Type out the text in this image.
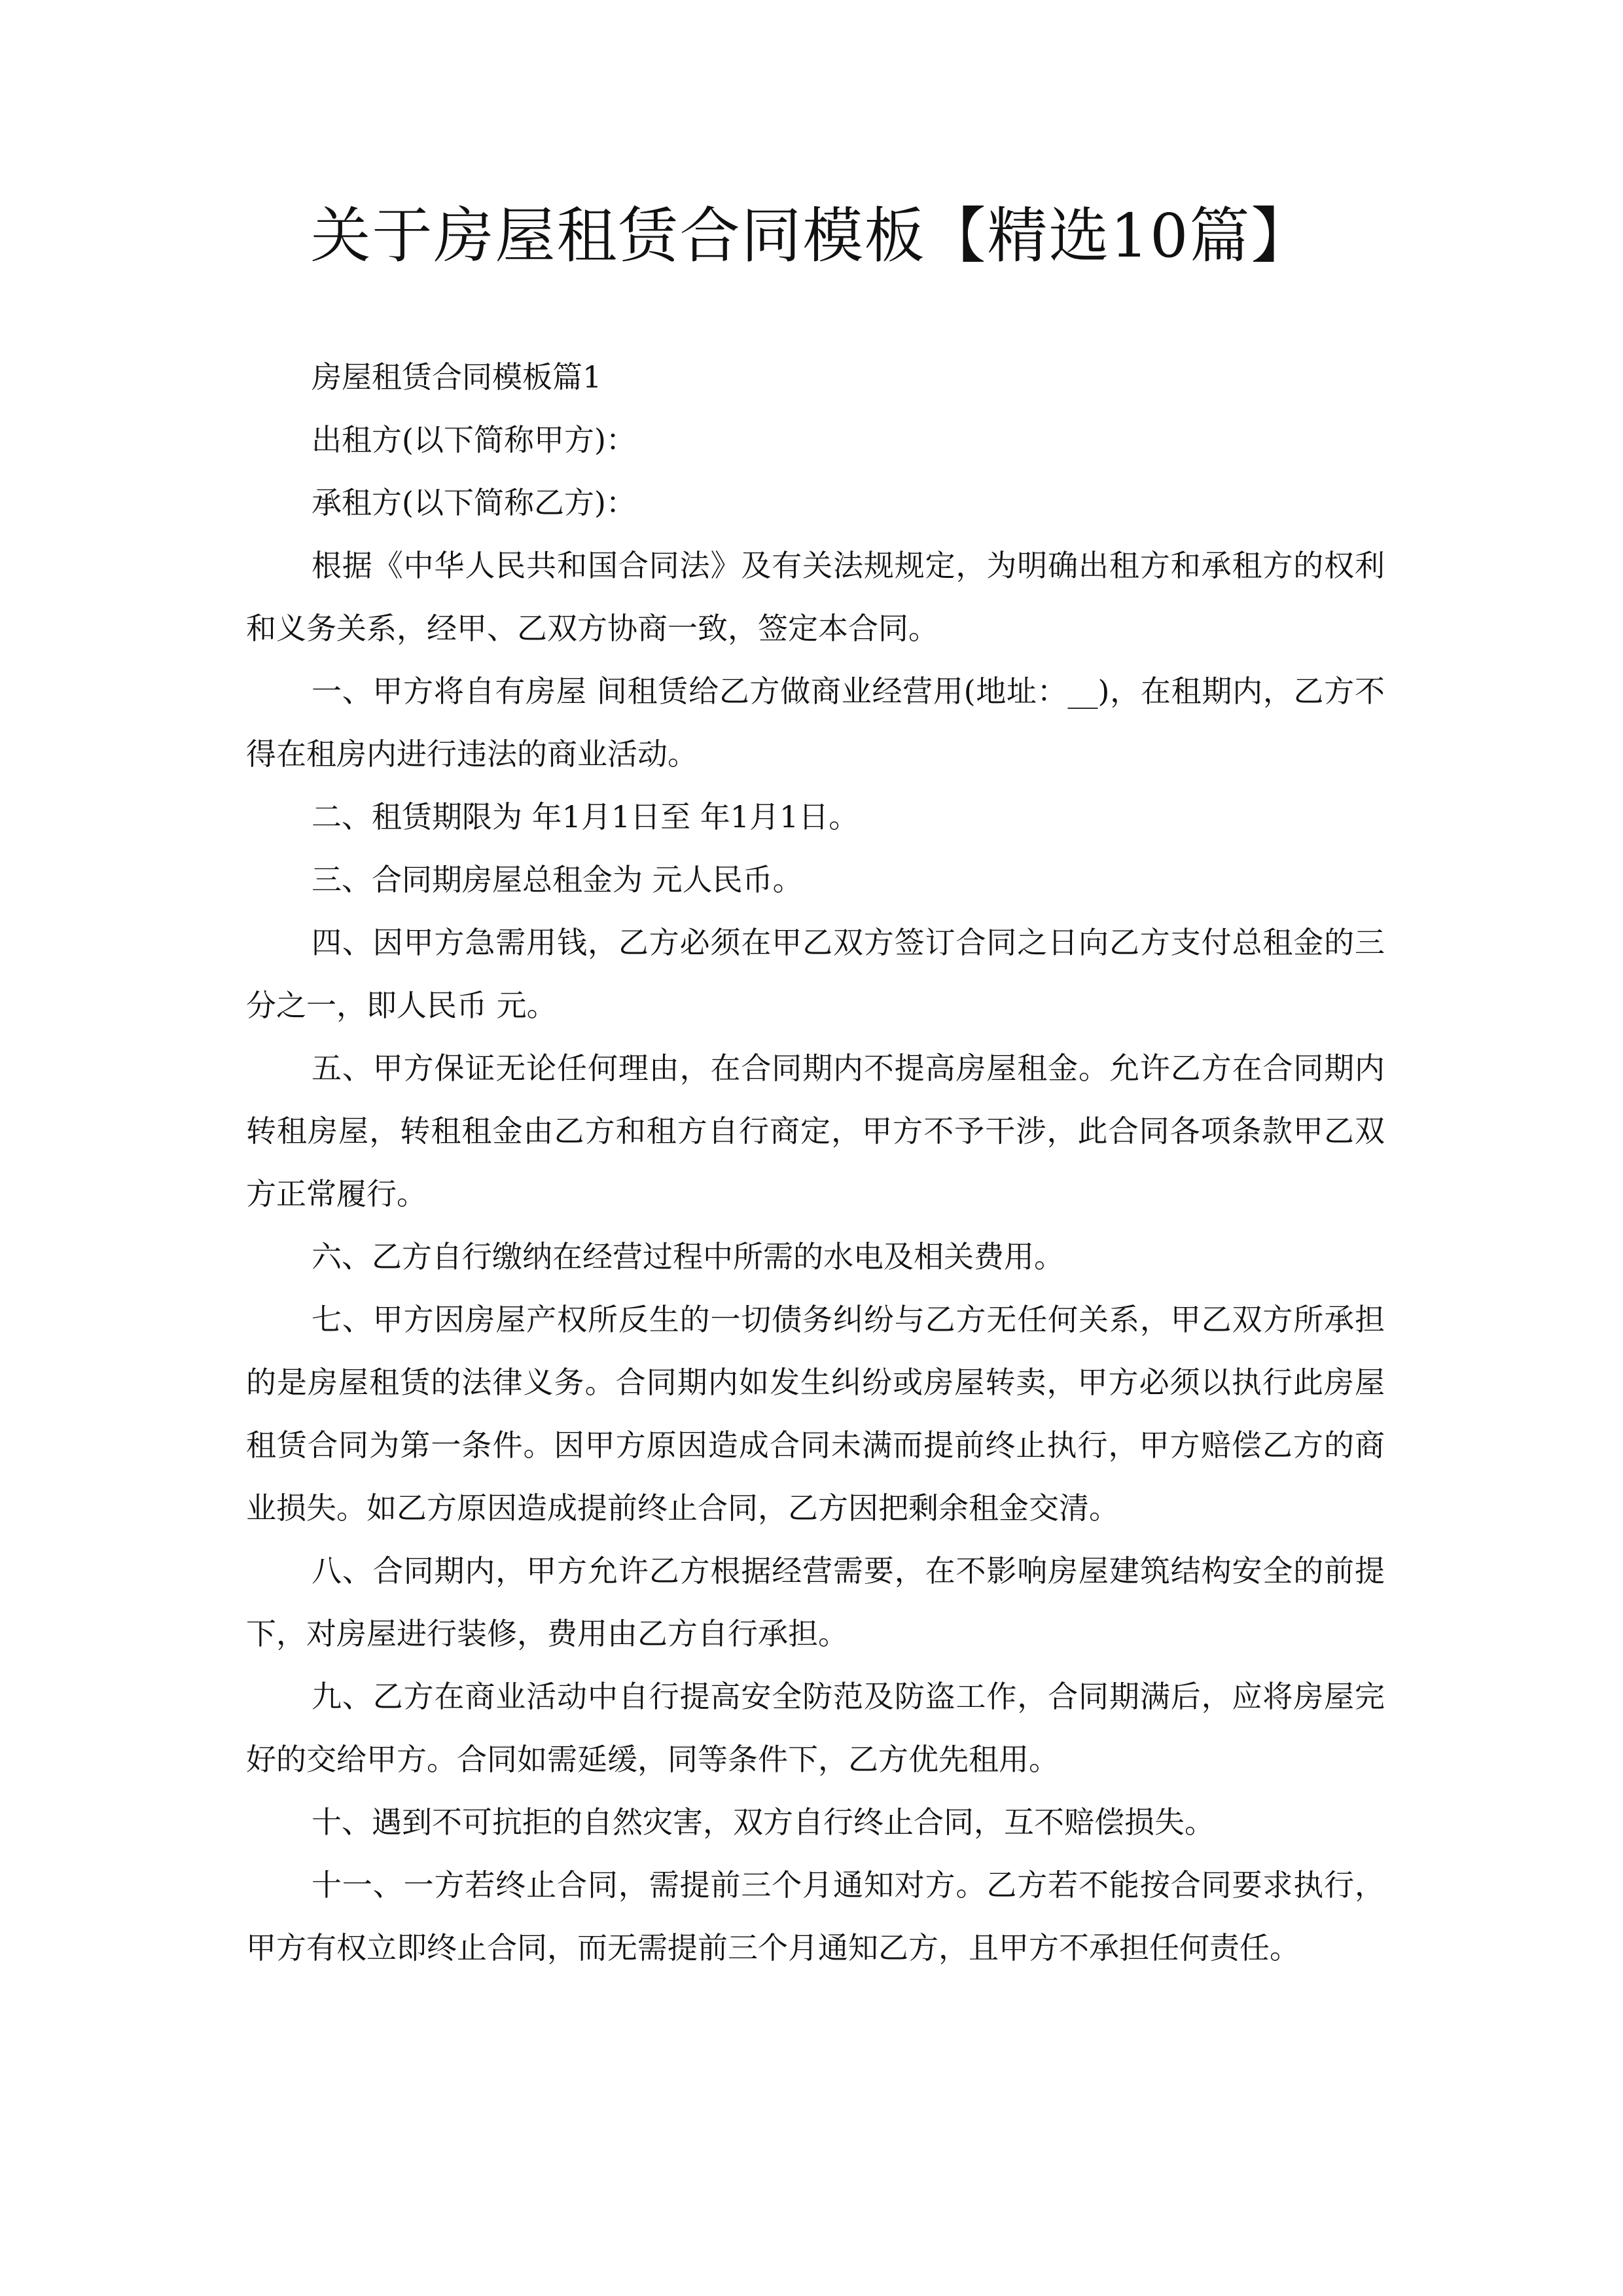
关于房屋租赁合同模板【精选10篇】

房屋租赁合同模板篇1

出租方(以下简称甲方)：

承租方(以下简称乙方)：

根据《中华人民共和国合同法》及有关法规规定，为明确出租方和承租方的权利和义务关系，经甲、乙双方协商一致，签定本合同。

一、甲方将自有房屋 间租赁给乙方做商业经营用(地址：__)，在租期内，乙方不得在租房内进行违法的商业活动。

二、租赁期限为 年1月1日至 年1月1日。

三、合同期房屋总租金为 元人民币。

四、因甲方急需用钱，乙方必须在甲乙双方签订合同之日向乙方支付总租金的三分之一，即人民币 元。

五、甲方保证无论任何理由，在合同期内不提高房屋租金。允许乙方在合同期内转租房屋，转租租金由乙方和租方自行商定，甲方不予干涉，此合同各项条款甲乙双方正常履行。

六、乙方自行缴纳在经营过程中所需的水电及相关费用。

七、甲方因房屋产权所反生的一切债务纠纷与乙方无任何关系，甲乙双方所承担的是房屋租赁的法律义务。合同期内如发生纠纷或房屋转卖，甲方必须以执行此房屋租赁合同为第一条件。因甲方原因造成合同未满而提前终止执行，甲方赔偿乙方的商业损失。如乙方原因造成提前终止合同，乙方因把剩余租金交清。

八、合同期内，甲方允许乙方根据经营需要，在不影响房屋建筑结构安全的前提下，对房屋进行装修，费用由乙方自行承担。

九、乙方在商业活动中自行提高安全防范及防盗工作，合同期满后，应将房屋完好的交给甲方。合同如需延缓，同等条件下，乙方优先租用。

十、遇到不可抗拒的自然灾害，双方自行终止合同，互不赔偿损失。

十一、一方若终止合同，需提前三个月通知对方。乙方若不能按合同要求执行，甲方有权立即终止合同，而无需提前三个月通知乙方，且甲方不承担任何责任。
